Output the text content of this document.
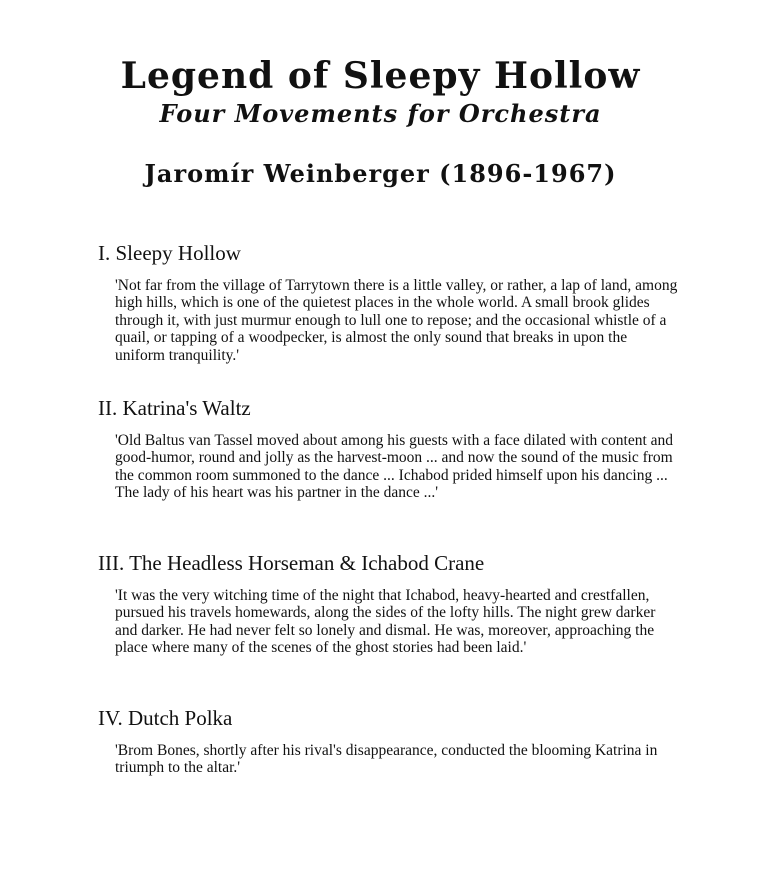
Legend of Sleepy Hollow
Four Movements for Orchestra
Jaromír Weinberger (1896-1967)
I. Sleepy Hollow

'Not far from the village of Tarrytown there is a little valley, or rather, a lap of land, among high hills, which is one of the quietest places in the whole world. A small brook glides through it, with just murmur enough to lull one to repose; and the occasional whistle of a quail, or tapping of a woodpecker, is almost the only sound that breaks in upon the uniform tranquility.'

II. Katrina's Waltz

'Old Baltus van Tassel moved about among his guests with a face dilated with content and good-humor, round and jolly as the harvest-moon ... and now the sound of the music from the common room summoned to the dance ... Ichabod prided himself upon his dancing ... The lady of his heart was his partner in the dance ...'

III. The Headless Horseman & Ichabod Crane

'It was the very witching time of the night that Ichabod, heavy-hearted and crestfallen, pursued his travels homewards, along the sides of the lofty hills. The night grew darker and darker. He had never felt so lonely and dismal. He was, moreover, approaching the place where many of the scenes of the ghost stories had been laid.'

IV. Dutch Polka

'Brom Bones, shortly after his rival's disappearance, conducted the blooming Katrina in triumph to the altar.'
